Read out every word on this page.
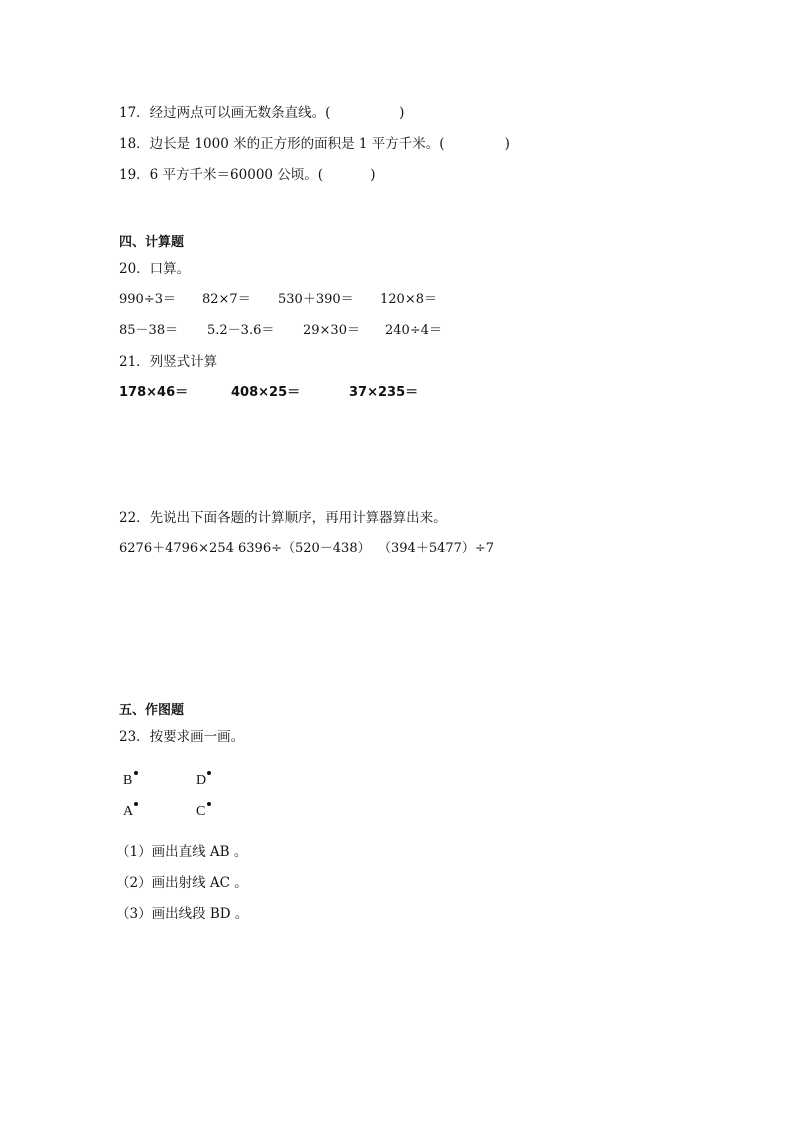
17．经过两点可以画无数条直线。(                )
18．边长是 1000 米的正方形的面积是 1 平方千米。(              )
19．6 平方千米＝60000 公顷。(           )
四、计算题
20．口算。
990÷3＝ 82×7＝ 530＋390＝ 120×8＝
85－38＝ 5.2－3.6＝ 29×30＝ 240÷4＝
21．列竖式计算
178×46＝	408×25＝	37×235＝
22．先说出下面各题的计算顺序，再用计算器算出来。
6276＋4796×254 6396÷（520－438） （394＋5477）÷7
五、作图题
23．按要求画一画。
B	D
A	C
（1）画出直线 AB 。
（2）画出射线 AC 。
（3）画出线段 BD 。
